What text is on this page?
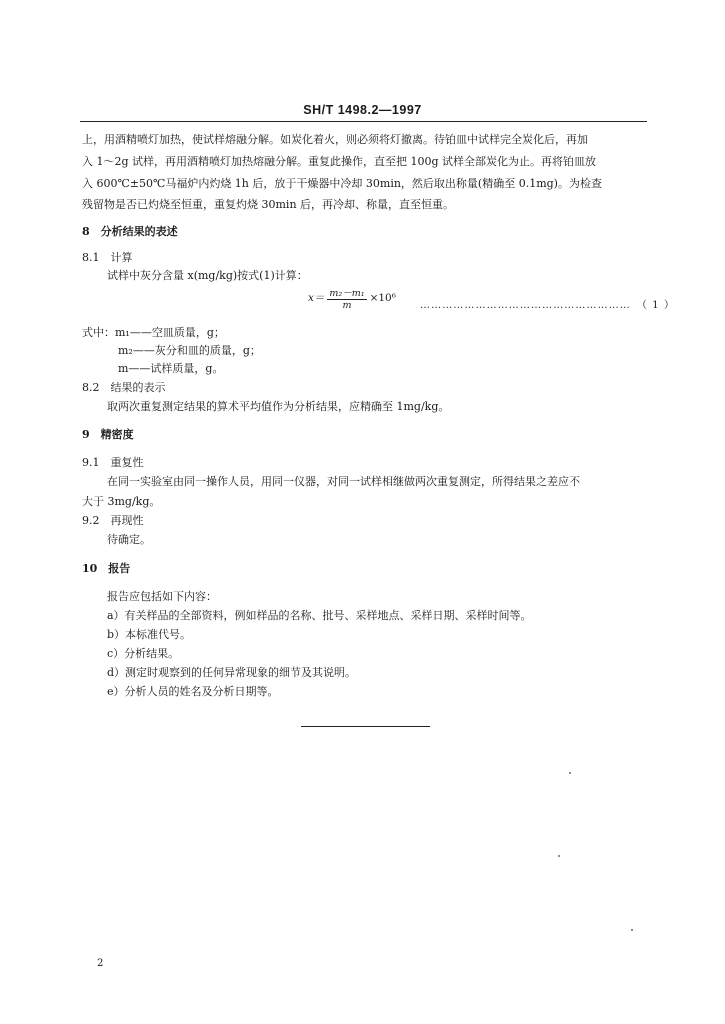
SH/T 1498.2—1997
上，用酒精喷灯加热，使试样熔融分解。如炭化着火，则必须将灯撤离。待铂皿中试样完全炭化后，再加
入 1～2g 试样，再用酒精喷灯加热熔融分解。重复此操作，直至把 100g 试样全部炭化为止。再将铂皿放
入 600℃±50℃马福炉内灼烧 1h 后，放于干燥器中冷却 30min，然后取出称量(精确至 0.1mg)。为检查
残留物是否已灼烧至恒重，重复灼烧 30min 后，再冷却、称量，直至恒重。
8　分析结果的表述
8.1　计算
试样中灰分含量 x(mg/kg)按式(1)计算：
$x= \frac{\text{m₂－m₁}}{m} \times 10^6$
………………………………………………… （ 1 ）
式中：m₁——空皿质量，g；
m₂——灰分和皿的质量，g；
m——试样质量，g。
8.2　结果的表示
取两次重复测定结果的算术平均值作为分析结果，应精确至 1mg/kg。
9　精密度
9.1　重复性
在同一实验室由同一操作人员，用同一仪器，对同一试样相继做两次重复测定，所得结果之差应不
大于 3mg/kg。
9.2　再现性
待确定。
10　报告
报告应包括如下内容：
a）有关样品的全部资料，例如样品的名称、批号、采样地点、采样日期、采样时间等。
b）本标准代号。
c）分析结果。
d）测定时观察到的任何异常现象的细节及其说明。
e）分析人员的姓名及分析日期等。
2
